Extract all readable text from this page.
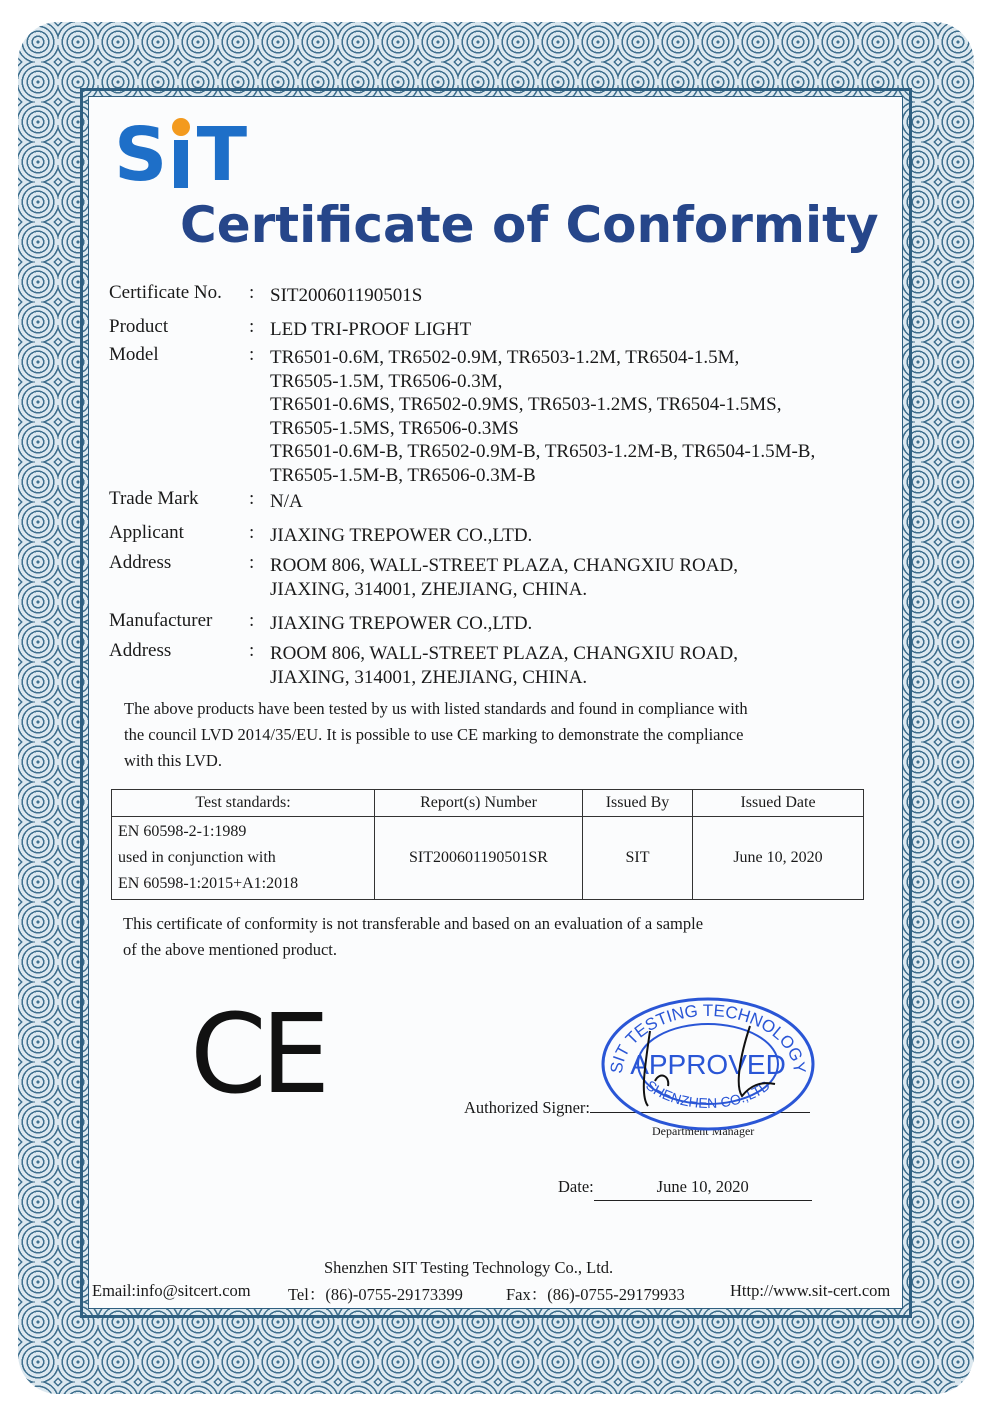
S T
Certificate of Conformity
Certificate No. : SIT200601190501S
Product	: LED TRI-PROOF LIGHT
Model	: TR6501-0.6M, TR6502-0.9M, TR6503-1.2M, TR6504-1.5M,
TR6505-1.5M, TR6506-0.3M,
TR6501-0.6MS, TR6502-0.9MS, TR6503-1.2MS, TR6504-1.5MS,
TR6505-1.5MS, TR6506-0.3MS
TR6501-0.6M-B, TR6502-0.9M-B, TR6503-1.2M-B, TR6504-1.5M-B,
TR6505-1.5M-B, TR6506-0.3M-B
Trade Mark	: N/A
Applicant	: JIAXING TREPOWER CO.,LTD.
Address	: ROOM 806, WALL-STREET PLAZA, CHANGXIU ROAD,
JIAXING, 314001, ZHEJIANG, CHINA.
Manufacturer : JIAXING TREPOWER CO.,LTD.
Address	: ROOM 806, WALL-STREET PLAZA, CHANGXIU ROAD,
JIAXING, 314001, ZHEJIANG, CHINA.
The above products have been tested by us with listed standards and found in compliance with
the council LVD 2014/35/EU. It is possible to use CE marking to demonstrate the compliance
with this LVD.
Test standards:	Report(s) Number	Issued By	Issued Date

EN 60598-2-1:1989
used in conjunction with
EN 60598-1:2015+A1:2018	SIT200601190501SR	SIT	June 10, 2020
This certificate of conformity is not transferable and based on an evaluation of a sample
of the above mentioned product.
CE	Authorized Signer:
Department Manager
SIT TESTING TECHNOLOGY
SHENZHEN CO.,LTD
APPROVED
Date:	June 10, 2020
Shenzhen SIT Testing Technology Co., Ltd.
Email:info@sitcert.com Tel：(86)-0755-29173399	Fax：(86)-0755-29179933	Http://www.sit-cert.com
